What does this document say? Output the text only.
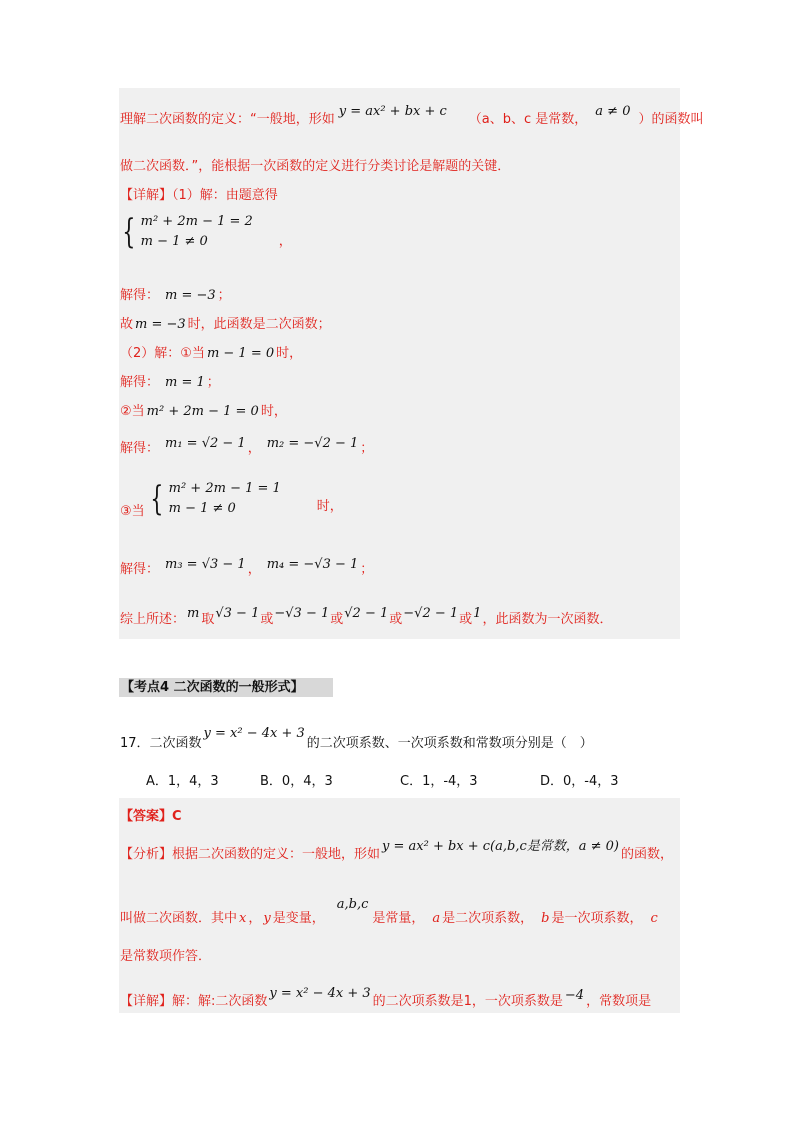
理解二次函数的定义：“一般地，形如
y = ax² + bx + c
（a、b、c 是常数，
a ≠ 0
）的函数叫
做二次函数．”，能根据一次函数的定义进行分类讨论是解题的关键．
【详解】（1）解：由题意得
{ m² + 2m − 1 = 2
m − 1 ≠ 0	，
解得： m = −3 ；
故 m = −3 时，此函数是二次函数；
（2）解：①当 m − 1 = 0 时，
解得： m = 1 ；
②当 m² + 2m − 1 = 0 时，
解得： m₁ = √2 − 1 ， m₂ = −√2 − 1 ；
③当 { m² + 2m − 1 = 1
m − 1 ≠ 0	时，
解得： m₃ = √3 − 1 ， m₄ = −√3 − 1 ；
综上所述： m 取 √3 − 1 或 −√3 − 1 或 √2 − 1 或 −√2 − 1 或 1 ，此函数为一次函数．
【考点4 二次函数的一般形式】
17．二次函数
y = x² − 4x + 3
的二次项系数、一次项系数和常数项分别是（　）
A．1，4，3	B．0，4，3	C．1，-4，3	D．0，-4，3
【答案】C
【分析】根据二次函数的定义：一般地，形如
y = ax² + bx + c(a,b,c是常数，a ≠ 0)
的函数，
叫做二次函数．其中 x ， y 是变量，
a,b,c
是常量， a 是二次项系数， b 是一次项系数， c
是常数项作答．
【详解】解：解:二次函数
y = x² − 4x + 3
的二次项系数是1，一次项系数是 −4 ，常数项是
